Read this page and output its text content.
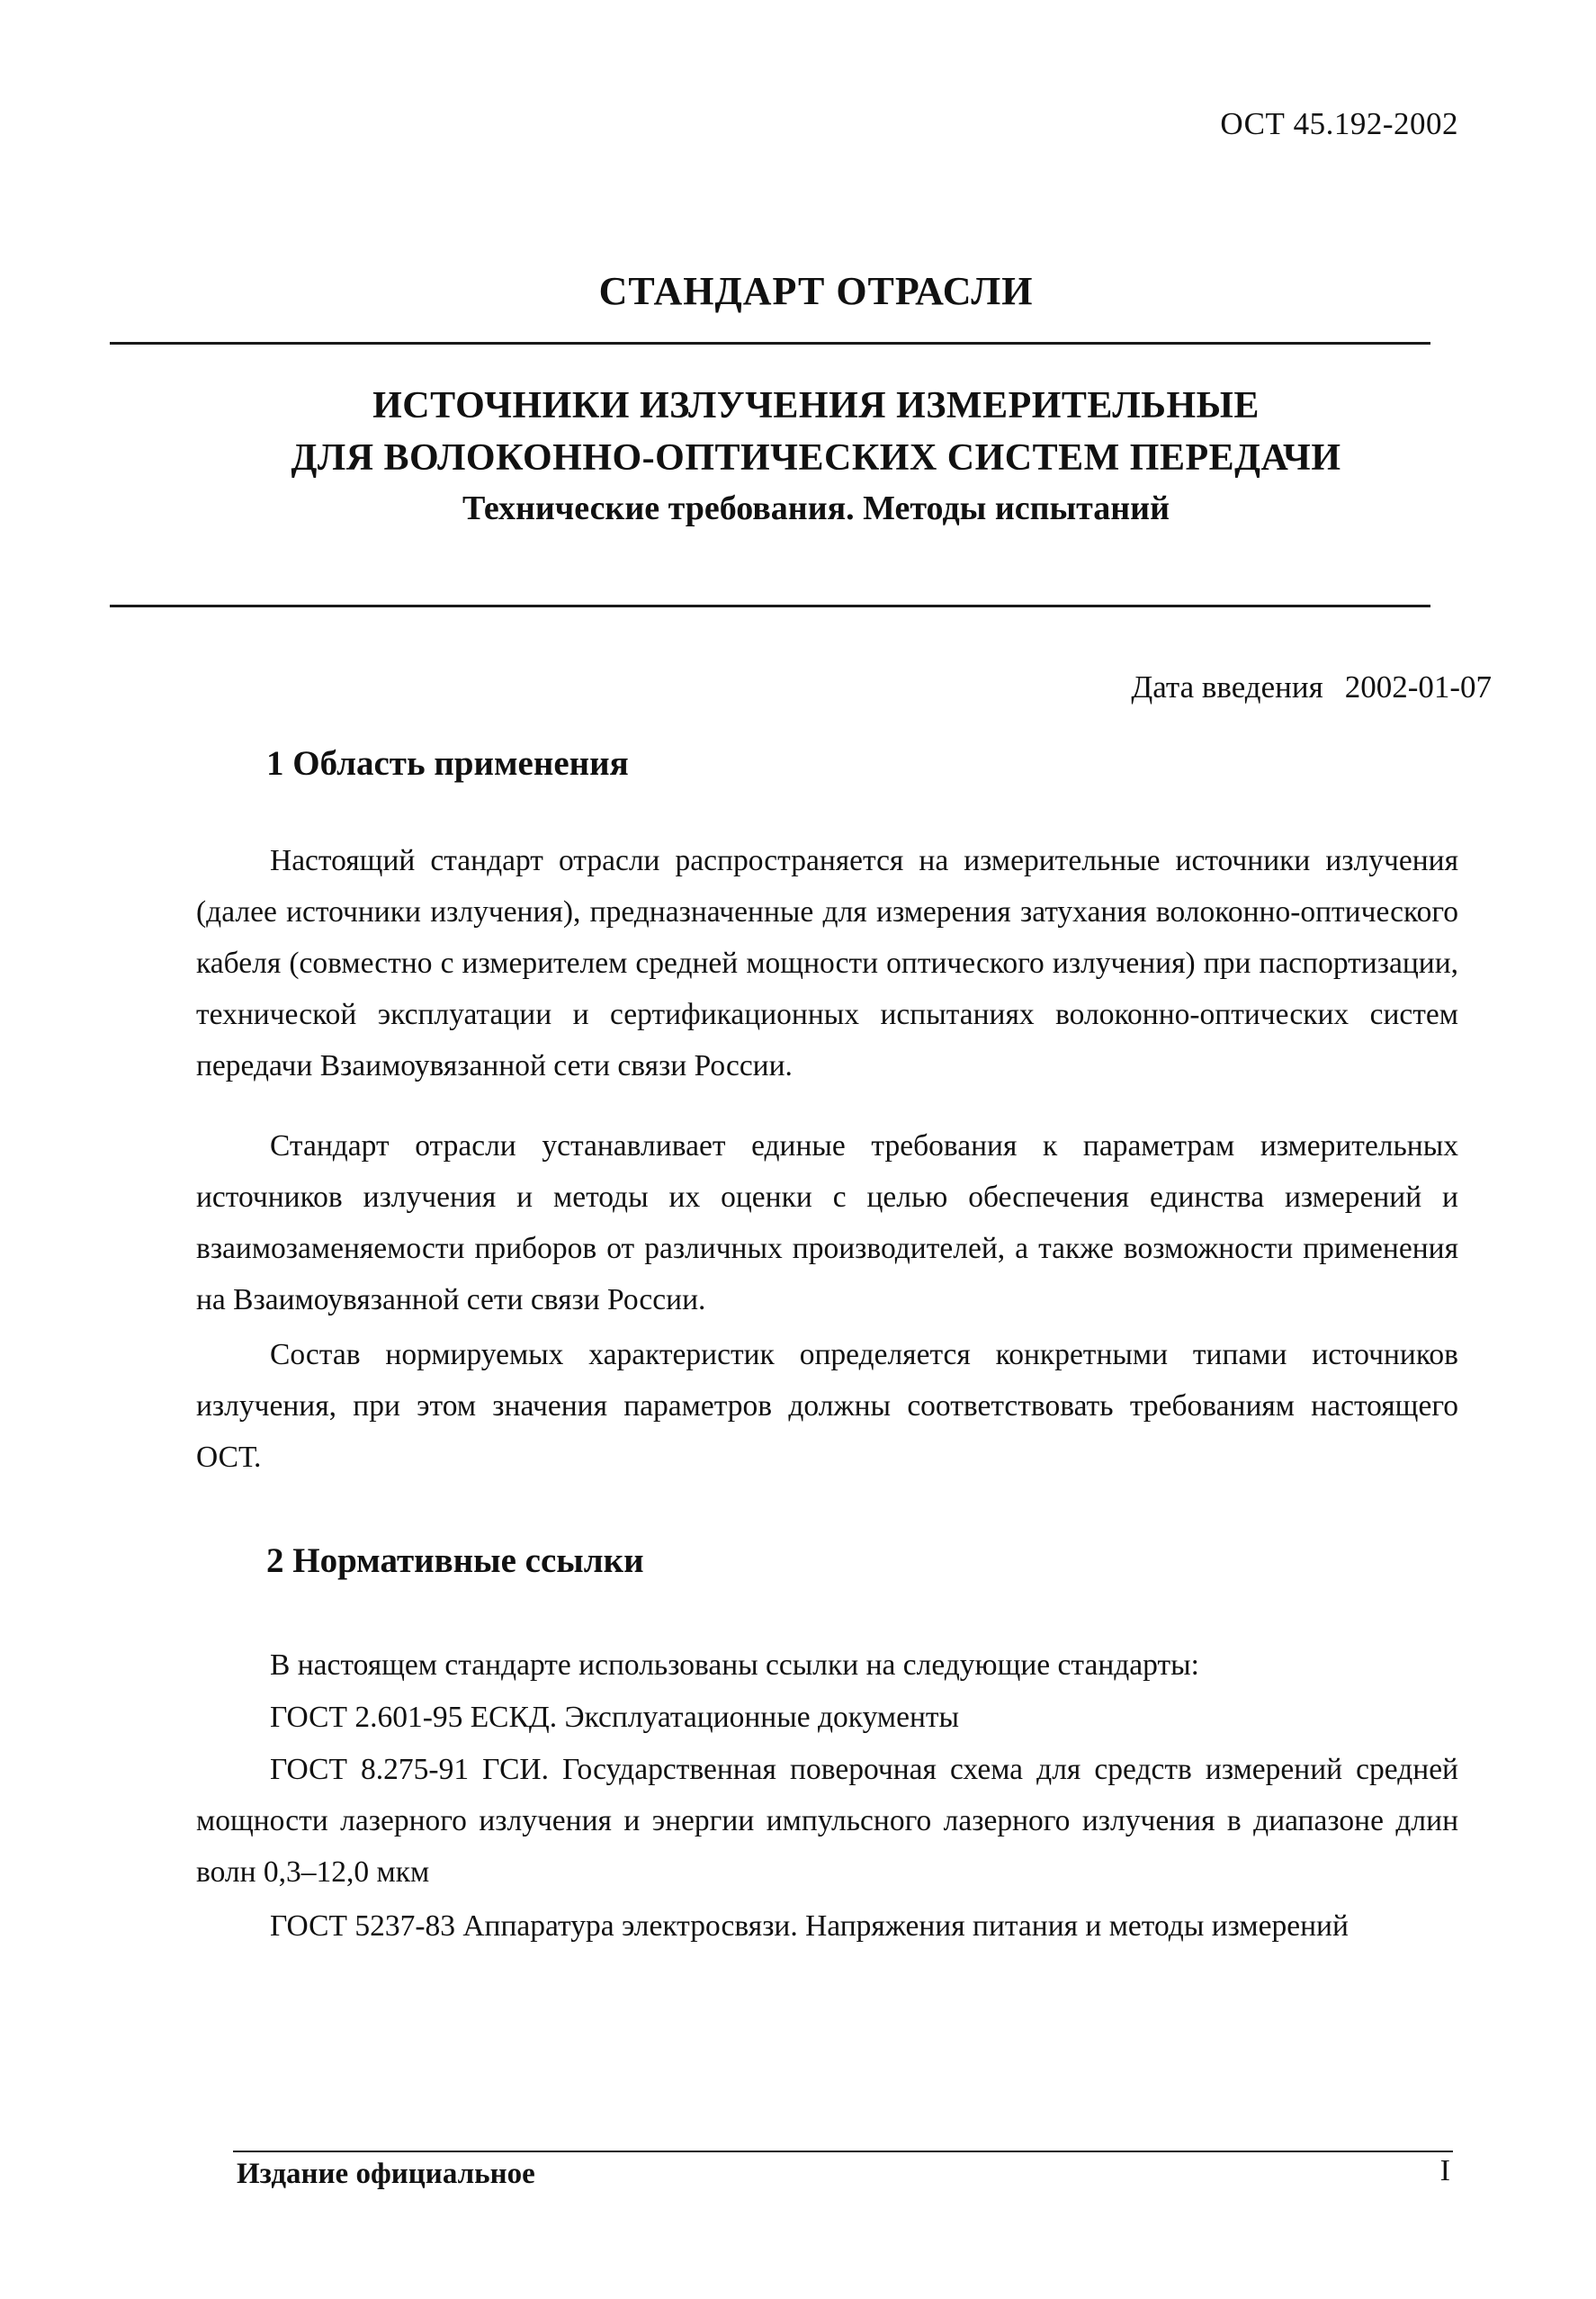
ОСТ 45.192-2002
СТАНДАРТ ОТРАСЛИ
ИСТОЧНИКИ ИЗЛУЧЕНИЯ ИЗМЕРИТЕЛЬНЫЕ
ДЛЯ ВОЛОКОННО-ОПТИЧЕСКИХ СИСТЕМ ПЕРЕДАЧИ
Технические требования. Методы испытаний
Дата введения 2002-01-07
1 Область применения

Настоящий стандарт отрасли распространяется на измерительные источники излучения (далее источники излучения), предназначенные для измерения затухания волоконно-оптического кабеля (совместно с измерителем средней мощности оптического излучения) при паспортизации, технической эксплуатации и сертификационных испытаниях волоконно-оптических систем передачи Взаимоувязанной сети связи России.

Стандарт отрасли устанавливает единые требования к параметрам измерительных источников излучения и методы их оценки с целью обеспечения единства измерений и взаимозаменяемости приборов от различных производителей, а также возможности применения на Взаимоувязанной сети связи России.

Состав нормируемых характеристик определяется конкретными типами источников излучения, при этом значения параметров должны соответствовать требованиям настоящего ОСТ.

2 Нормативные ссылки

В настоящем стандарте использованы ссылки на следующие стандарты:

ГОСТ 2.601-95 ЕСКД. Эксплуатационные документы

ГОСТ 8.275-91 ГСИ. Государственная поверочная схема для средств измерений средней мощности лазерного излучения и энергии импульсного лазерного излучения в диапазоне длин волн 0,3–12,0 мкм

ГОСТ 5237-83 Аппаратура электросвязи. Напряжения питания и методы измерений

Издание официальное	I
